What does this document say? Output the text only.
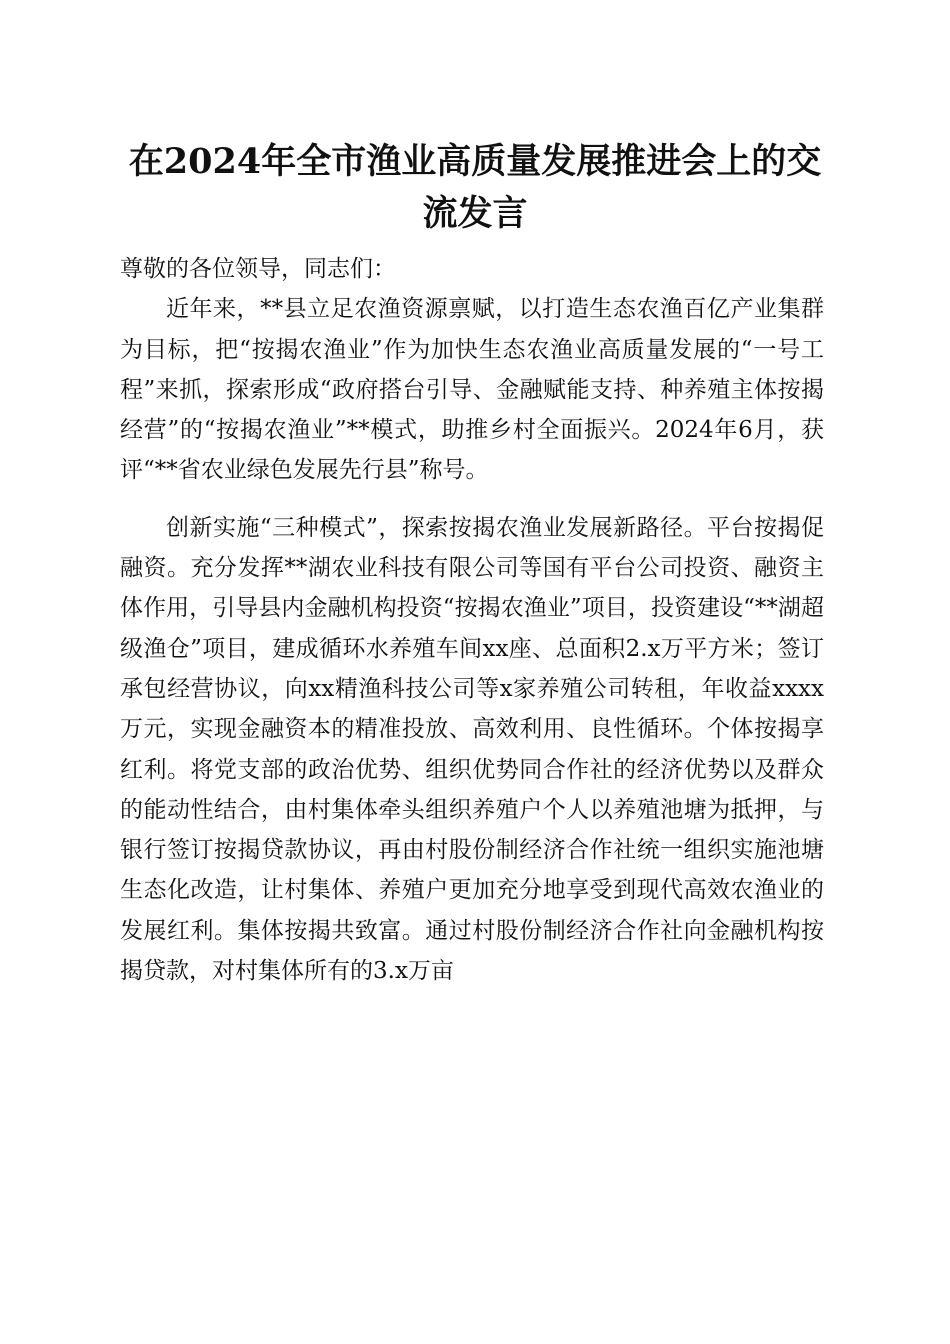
在2024年全市渔业高质量发展推进会上的交
流发言

尊敬的各位领导，同志们：

近年来，**县立足农渔资源禀赋，以打造生态农渔百亿产业集群为目标，把“按揭农渔业”作为加快生态农渔业高质量发展的“一号工程”来抓，探索形成“政府搭台引导、金融赋能支持、种养殖主体按揭经营”的“按揭农渔业”**模式，助推乡村全面振兴。2024年6月，获评“**省农业绿色发展先行县”称号。

创新实施“三种模式”，探索按揭农渔业发展新路径。平台按揭促融资。充分发挥**湖农业科技有限公司等国有平台公司投资、融资主体作用，引导县内金融机构投资“按揭农渔业”项目，投资建设“**湖超级渔仓”项目，建成循环水养殖车间xx座、总面积2.x万平方米；签订承包经营协议，向xx精渔科技公司等x家养殖公司转租，年收益xxxx万元，实现金融资本的精准投放、高效利用、良性循环。个体按揭享红利。将党支部的政治优势、组织优势同合作社的经济优势以及群众的能动性结合，由村集体牵头组织养殖户个人以养殖池塘为抵押，与银行签订按揭贷款协议，再由村股份制经济合作社统一组织实施池塘生态化改造，让村集体、养殖户更加充分地享受到现代高效农渔业的发展红利。集体按揭共致富。通过村股份制经济合作社向金融机构按揭贷款，对村集体所有的3.x万亩
